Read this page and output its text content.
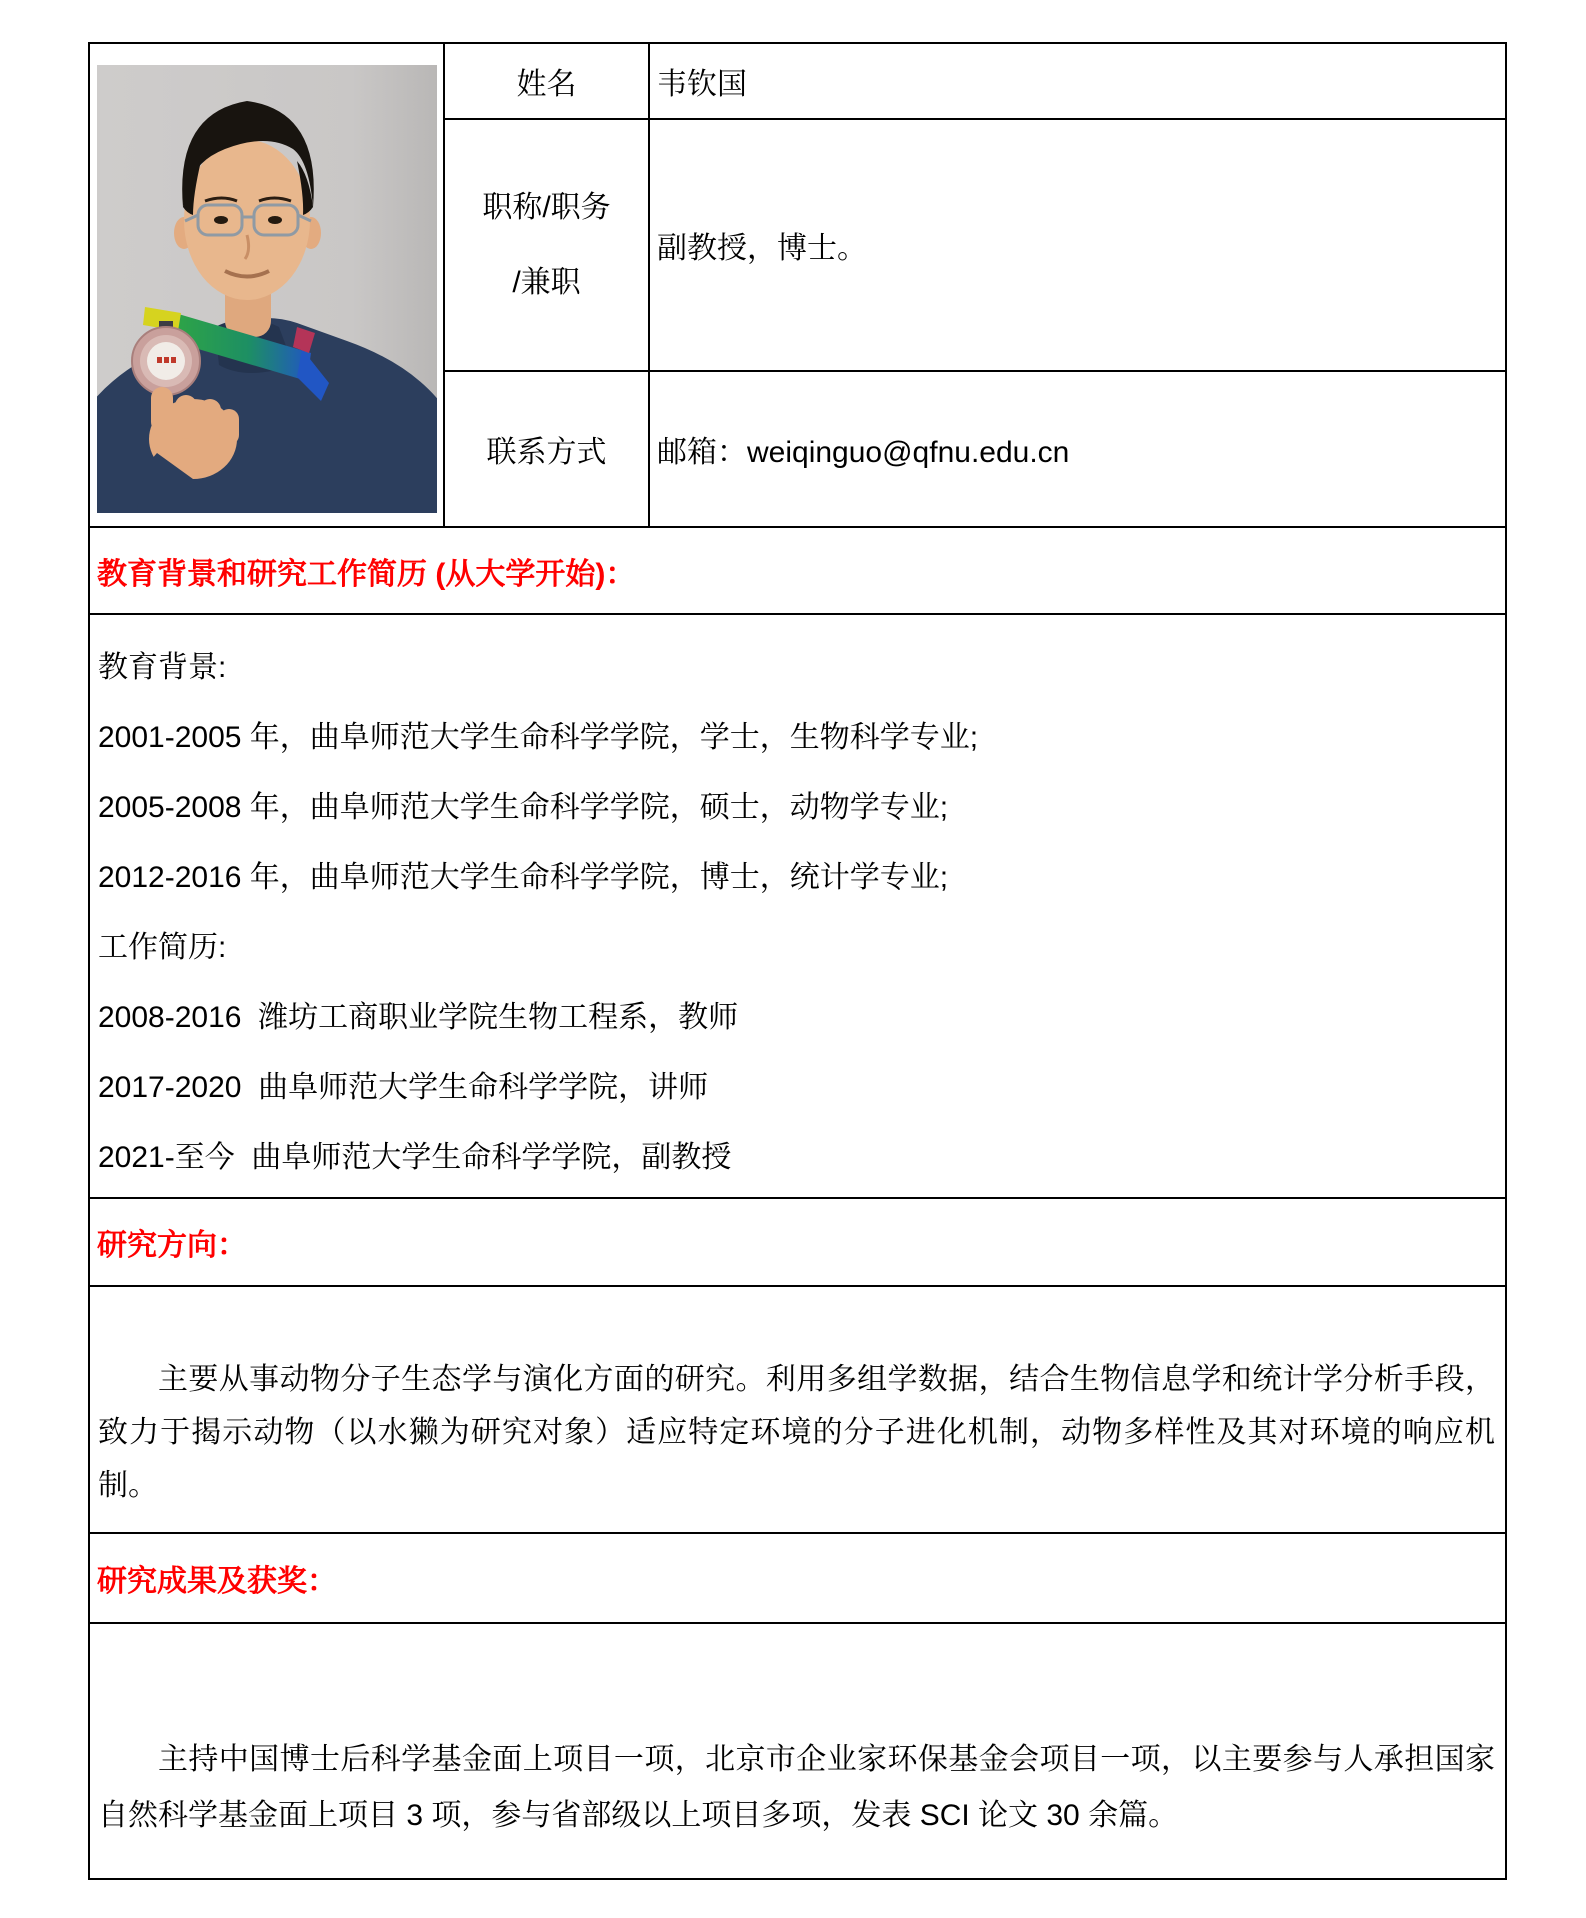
	姓名	韦钦国

	职称/职务
/兼职	副教授，博士。
	联系方式	邮箱：weiqinguo@qfnu.edu.cn
教育背景和研究工作简历 (从大学开始)：		

教育背景:

2001-2005 年，曲阜师范大学生命科学学院，学士，生物科学专业;

2005-2008 年，曲阜师范大学生命科学学院，硕士，动物学专业;

2012-2016 年，曲阜师范大学生命科学学院，博士，统计学专业;

工作简历:

2008-2016  潍坊工商职业学院生物工程系，教师

2017-2020  曲阜师范大学生命科学学院，讲师

2021-至今  曲阜师范大学生命科学学院，副教授

研究方向：		

主要从事动物分子生态学与演化方面的研究。利用多组学数据，结合生物信息学和统计学分析手段，致力于揭示动物（以水獭为研究对象）适应特定环境的分子进化机制，动物多样性及其对环境的响应机制。		

研究成果及获奖：		

主持中国博士后科学基金面上项目一项，北京市企业家环保基金会项目一项，以主要参与人承担国家自然科学基金面上项目 3 项，参与省部级以上项目多项，发表 SCI 论文 30 余篇。		
